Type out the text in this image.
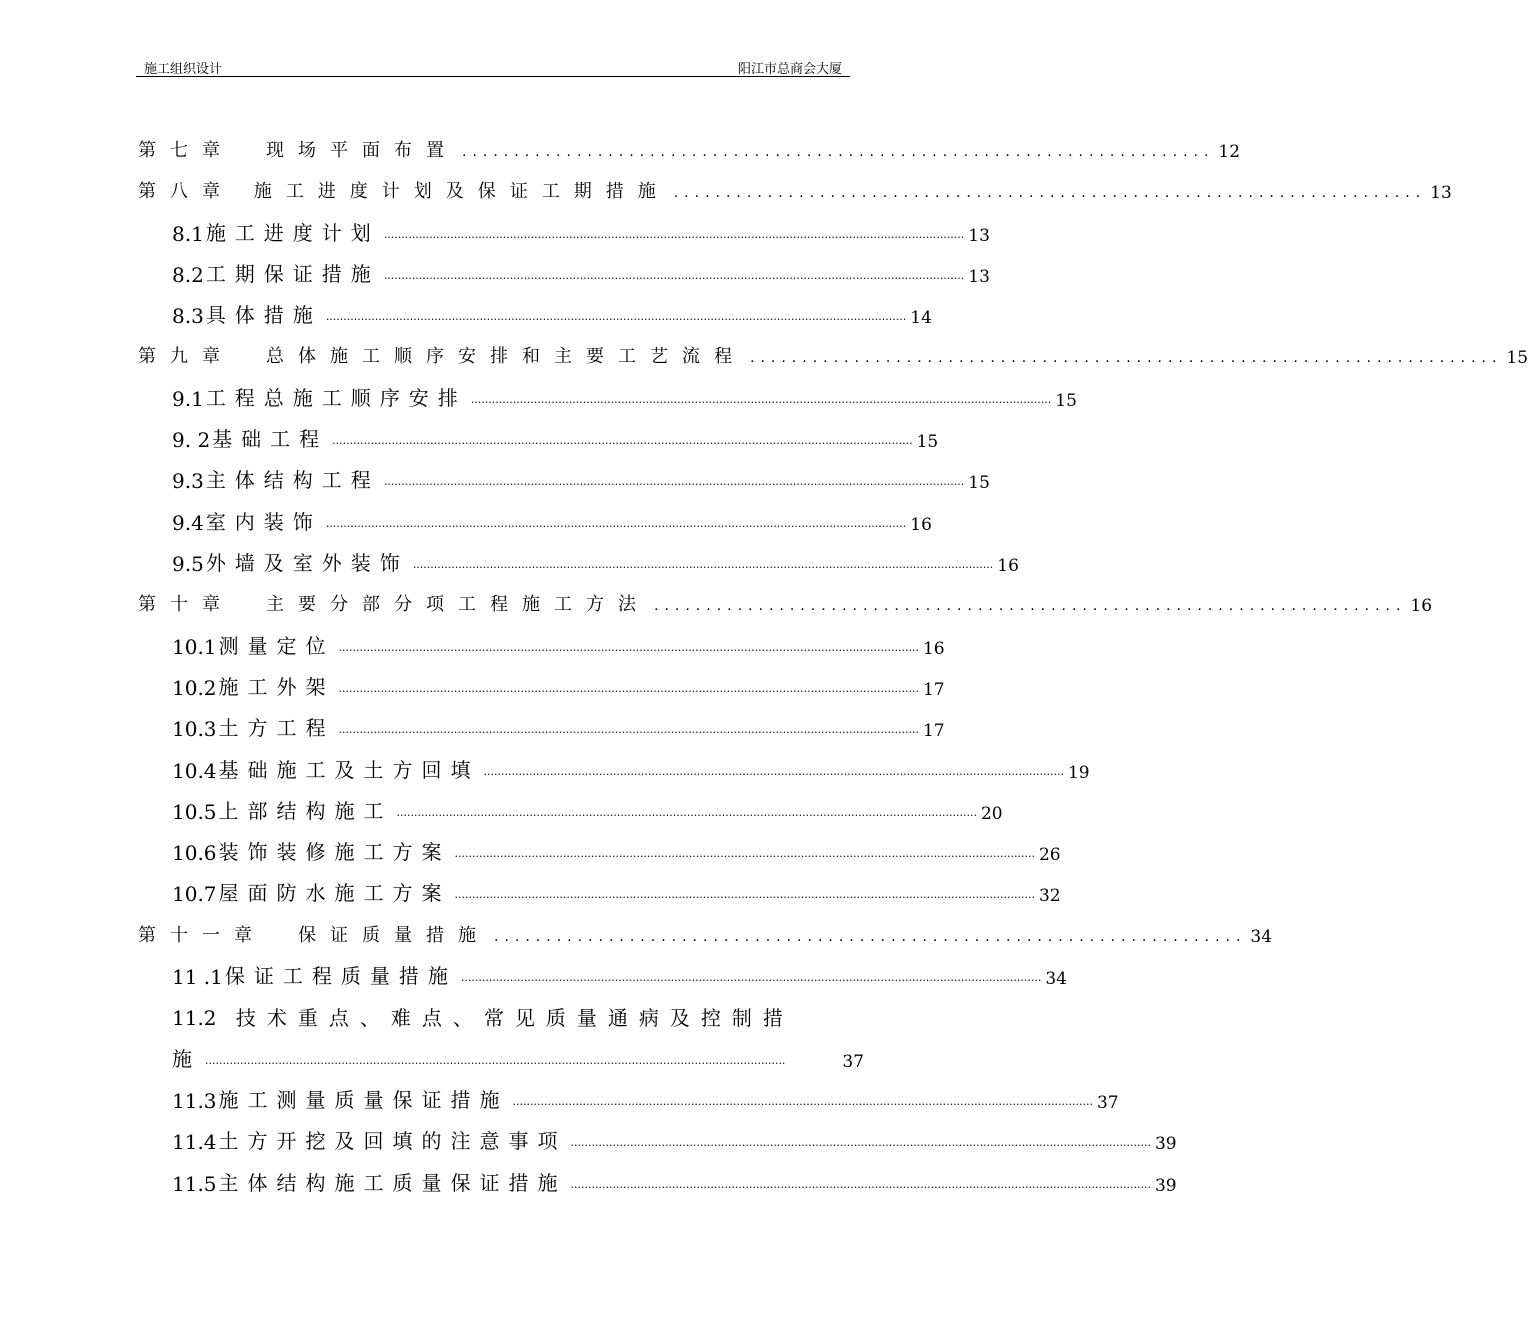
施工组织设计	阳江市总商会大厦
第七章　现场平面布置 ........................................................................ 12
第八章 施工进度计划及保证工期措施 ........................................................................ 13
8.1 施工进度计划 ...................................................................................................................................................................... 13
8.2 工期保证措施 ...................................................................................................................................................................... 13
8.3 具体措施 ...................................................................................................................................................................... 14
第九章　总体施工顺序安排和主要工艺流程 ........................................................................ 15
9.1 工程总施工顺序安排 ...................................................................................................................................................................... 15
9. 2 基础工程 ...................................................................................................................................................................... 15
9.3 主体结构工程 ...................................................................................................................................................................... 15
9.4 室内装饰 ...................................................................................................................................................................... 16
9.5 外墙及室外装饰 ...................................................................................................................................................................... 16
第十章　主要分部分项工程施工方法 ........................................................................ 16
10.1 测量定位 ...................................................................................................................................................................... 16
10.2 施工外架 ...................................................................................................................................................................... 17
10.3 土方工程 ...................................................................................................................................................................... 17
10.4 基础施工及土方回填 ...................................................................................................................................................................... 19
10.5 上部结构施工 ...................................................................................................................................................................... 20
10.6 装饰装修施工方案 ...................................................................................................................................................................... 26
10.7 屋面防水施工方案 ...................................................................................................................................................................... 32
第十一章　保证质量措施 ........................................................................ 34
11 .1 保证工程质量措施 ...................................................................................................................................................................... 34
11.2 技术重点、难点、常见质量通病及控制措
施 ......................................................................................................................................................................	37
11.3 施工测量质量保证措施 ...................................................................................................................................................................... 37
11.4 土方开挖及回填的注意事项 ...................................................................................................................................................................... 39
11.5 主体结构施工质量保证措施 ...................................................................................................................................................................... 39
